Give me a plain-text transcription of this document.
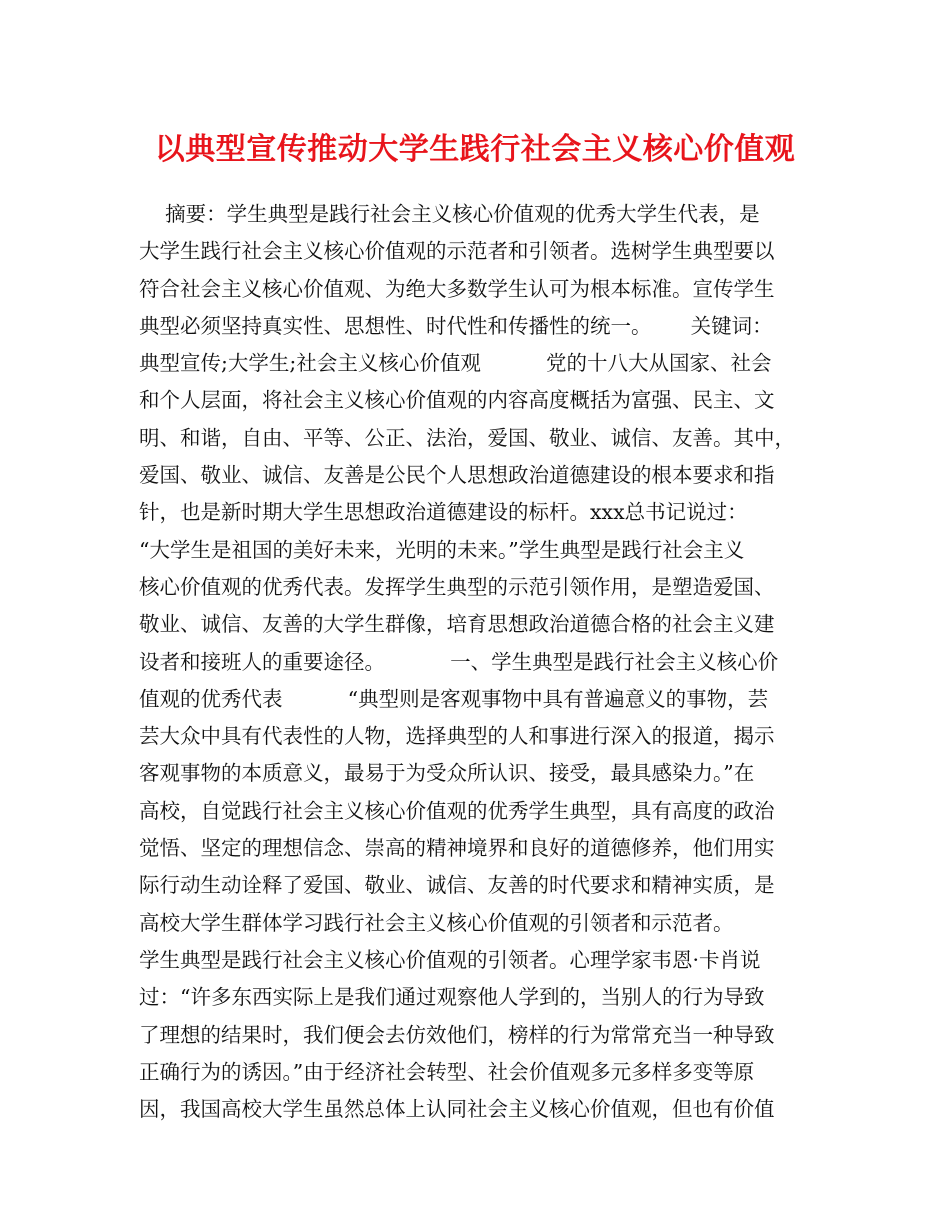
以典型宣传推动大学生践行社会主义核心价值观
摘要：学生典型是践行社会主义核心价值观的优秀大学生代表，是
大学生践行社会主义核心价值观的示范者和引领者。选树学生典型要以
符合社会主义核心价值观、为绝大多数学生认可为根本标准。宣传学生
典型必须坚持真实性、思想性、时代性和传播性的统一。      关键词：
典型宣传;大学生;社会主义核心价值观          党的十八大从国家、社会
和个人层面，将社会主义核心价值观的内容高度概括为富强、民主、文
明、和谐，自由、平等、公正、法治，爱国、敬业、诚信、友善。其中，
爱国、敬业、诚信、友善是公民个人思想政治道德建设的根本要求和指
针，也是新时期大学生思想政治道德建设的标杆。xxx总书记说过：
“大学生是祖国的美好未来，光明的未来。”学生典型是践行社会主义
核心价值观的优秀代表。发挥学生典型的示范引领作用，是塑造爱国、
敬业、诚信、友善的大学生群像，培育思想政治道德合格的社会主义建
设者和接班人的重要途径。          一、学生典型是践行社会主义核心价
值观的优秀代表          “典型则是客观事物中具有普遍意义的事物，芸
芸大众中具有代表性的人物，选择典型的人和事进行深入的报道，揭示
客观事物的本质意义，最易于为受众所认识、接受，最具感染力。”在
高校，自觉践行社会主义核心价值观的优秀学生典型，具有高度的政治
觉悟、坚定的理想信念、崇高的精神境界和良好的道德修养，他们用实
际行动生动诠释了爱国、敬业、诚信、友善的时代要求和精神实质，是
高校大学生群体学习践行社会主义核心价值观的引领者和示范者。
学生典型是践行社会主义核心价值观的引领者。心理学家韦恩·卡肖说
过：“许多东西实际上是我们通过观察他人学到的，当别人的行为导致
了理想的结果时，我们便会去仿效他们，榜样的行为常常充当一种导致
正确行为的诱因。”由于经济社会转型、社会价值观多元多样多变等原
因，我国高校大学生虽然总体上认同社会主义核心价值观，但也有价值
